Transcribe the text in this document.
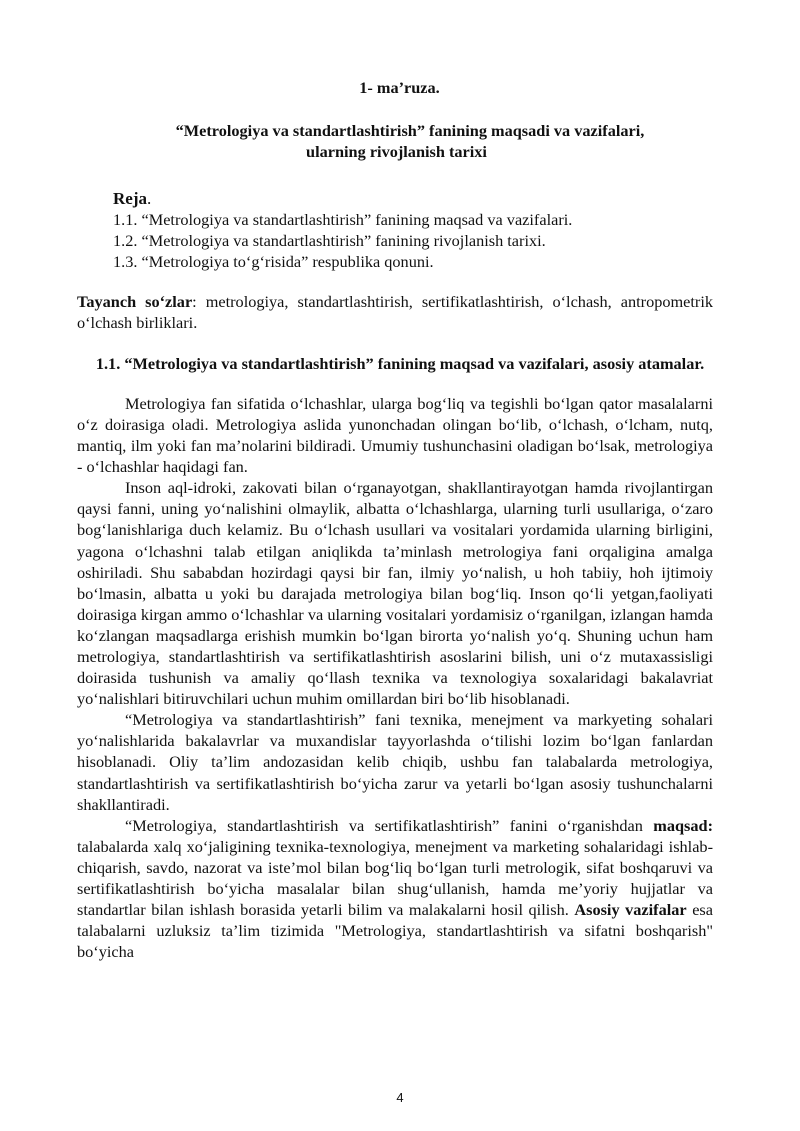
1- ma’ruza.
“Metrologiya va standartlashtirish” fanining maqsadi va vazifalari,
ularning rivojlanish tarixi
Reja.
1.1. “Metrologiya va standartlashtirish” fanining maqsad va vazifalari.
1.2. “Metrologiya va standartlashtirish” fanining rivojlanish tarixi.
1.3. “Metrologiya to‘g‘risida” respublika qonuni.

Tayanch so‘zlar: metrologiya, standartlashtirish, sertifikatlashtirish, o‘lchash, antropometrik o‘lchash birliklari.

1.1. “Metrologiya va standartlashtirish” fanining maqsad va vazifalari, asosiy atamalar.

Metrologiya fan sifatida o‘lchashlar, ularga bog‘liq va tegishli bo‘lgan qator masalalarni o‘z doirasiga oladi. Metrologiya aslida yunonchadan olingan bo‘lib, o‘lchash, o‘lcham, nutq, mantiq, ilm yoki fan ma’nolarini bildiradi. Umumiy tushunchasini oladigan bo‘lsak, metrologiya - o‘lchashlar haqidagi fan.

Inson aql-idroki, zakovati bilan o‘rganayotgan, shakllantirayotgan hamda rivojlantirgan qaysi fanni, uning yo‘nalishini olmaylik, albatta o‘lchashlarga, ularning turli usullariga, o‘zaro bog‘lanishlariga duch kelamiz. Bu o‘lchash usullari va vositalari yordamida ularning birligini, yagona o‘lchashni talab etilgan aniqlikda ta’minlash metrologiya fani orqaligina amalga oshiriladi. Shu sababdan hozirdagi qaysi bir fan, ilmiy yo‘nalish, u hoh tabiiy, hoh ijtimoiy bo‘lmasin, albatta u yoki bu darajada metrologiya bilan bog‘liq. Inson qo‘li yetgan,faoliyati doirasiga kirgan ammo o‘lchashlar va ularning vositalari yordamisiz o‘rganilgan, izlangan hamda ko‘zlangan maqsadlarga erishish mumkin bo‘lgan birorta yo‘nalish yo‘q. Shuning uchun ham metrologiya, standartlashtirish va sertifikatlashtirish asoslarini bilish, uni o‘z mutaxassisligi doirasida tushunish va amaliy qo‘llash texnika va texnologiya soxalaridagi bakalavriat yo‘nalishlari bitiruvchilari uchun muhim omillardan biri bo‘lib hisoblanadi.

“Metrologiya va standartlashtirish” fani texnika, menejment va markyeting sohalari yo‘nalishlarida bakalavrlar va muxandislar tayyorlashda o‘tilishi lozim bo‘lgan fanlardan hisoblanadi. Oliy ta’lim andozasidan kelib chiqib, ushbu fan talabalarda metrologiya, standartlashtirish va sertifikatlashtirish bo‘yicha zarur va yetarli bo‘lgan asosiy tushunchalarni shakllantiradi.

“Metrologiya, standartlashtirish va sertifikatlashtirish” fanini o‘rganishdan maqsad: talabalarda xalq xo‘jaligining texnika-texnologiya, menejment va marketing sohalaridagi ishlab-chiqarish, savdo, nazorat va iste’mol bilan bog‘liq bo‘lgan turli metrologik, sifat boshqaruvi va sertifikatlashtirish bo‘yicha masalalar bilan shug‘ullanish, hamda me’yoriy hujjatlar va standartlar bilan ishlash borasida yetarli bilim va malakalarni hosil qilish. Asosiy vazifalar esa talabalarni uzluksiz ta’lim tizimida "Metrologiya, standartlashtirish va sifatni boshqarish" bo‘yicha

4
